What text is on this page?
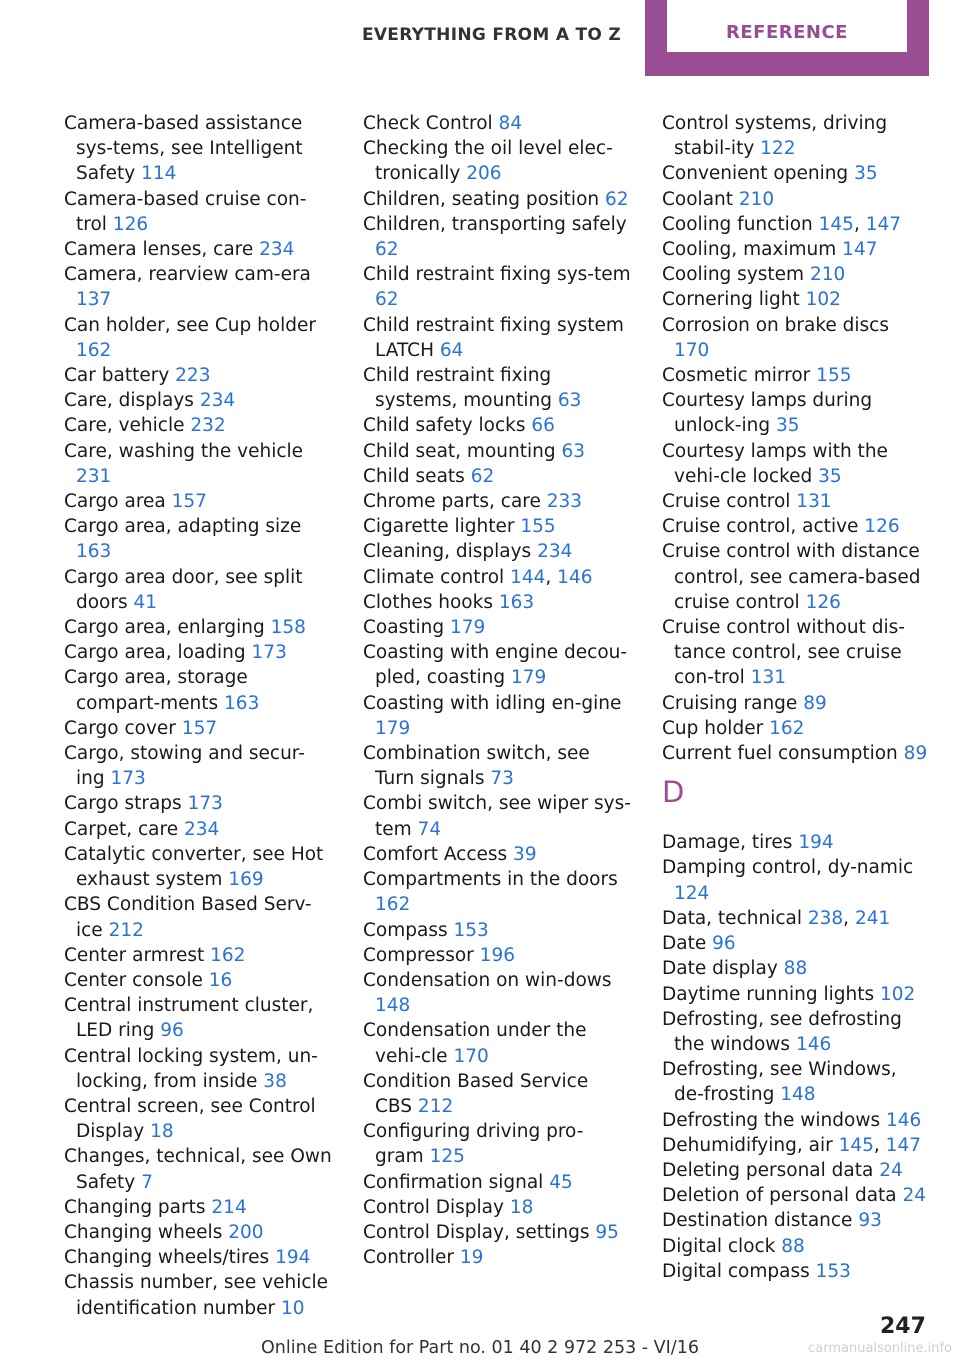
EVERYTHING FROM A TO Z	REFERENCE

Camera-based assistance sys-tems, see Intelligent Safety 114

Camera-based cruise con-trol 126

Camera lenses, care 234

Camera, rearview cam-era 137

Can holder, see Cup holder 162

Car battery 223

Care, displays 234

Care, vehicle 232

Care, washing the vehicle 231

Cargo area 157

Cargo area, adapting size 163

Cargo area door, see split doors 41

Cargo area, enlarging 158

Cargo area, loading 173

Cargo area, storage compart-ments 163

Cargo cover 157

Cargo, stowing and secur-ing 173

Cargo straps 173

Carpet, care 234

Catalytic converter, see Hot exhaust system 169

CBS Condition Based Serv-ice 212

Center armrest 162

Center console 16

Central instrument cluster, LED ring 96

Central locking system, un-locking, from inside 38

Central screen, see Control Display 18

Changes, technical, see Own Safety 7

Changing parts 214

Changing wheels 200

Changing wheels/tires 194

Chassis number, see vehicle identification number 10

Check Control 84

Checking the oil level elec-tronically 206

Children, seating position 62

Children, transporting safely 62

Child restraint fixing sys-tem 62

Child restraint fixing system LATCH 64

Child restraint fixing systems, mounting 63

Child safety locks 66

Child seat, mounting 63

Child seats 62

Chrome parts, care 233

Cigarette lighter 155

Cleaning, displays 234

Climate control 144, 146

Clothes hooks 163

Coasting 179

Coasting with engine decou-pled, coasting 179

Coasting with idling en-gine 179

Combination switch, see Turn signals 73

Combi switch, see wiper sys-tem 74

Comfort Access 39

Compartments in the doors 162

Compass 153

Compressor 196

Condensation on win-dows 148

Condensation under the vehi-cle 170

Condition Based Service CBS 212

Configuring driving pro-gram 125

Confirmation signal 45

Control Display 18

Control Display, settings 95

Controller 19

Control systems, driving stabil-ity 122

Convenient opening 35

Coolant 210

Cooling function 145, 147

Cooling, maximum 147

Cooling system 210

Cornering light 102

Corrosion on brake discs 170

Cosmetic mirror 155

Courtesy lamps during unlock-ing 35

Courtesy lamps with the vehi-cle locked 35

Cruise control 131

Cruise control, active 126

Cruise control with distance control, see camera-based cruise control 126

Cruise control without dis-tance control, see cruise con-trol 131

Cruising range 89

Cup holder 162

Current fuel consumption 89

D

Damage, tires 194

Damping control, dy-namic 124

Data, technical 238, 241

Date 96

Date display 88

Daytime running lights 102

Defrosting, see defrosting the windows 146

Defrosting, see Windows, de-frosting 148

Defrosting the windows 146

Dehumidifying, air 145, 147

Deleting personal data 24

Deletion of personal data 24

Destination distance 93

Digital clock 88

Digital compass 153

247
Online Edition for Part no. 01 40 2 972 253 - VI/16	carmanualsonline.info
